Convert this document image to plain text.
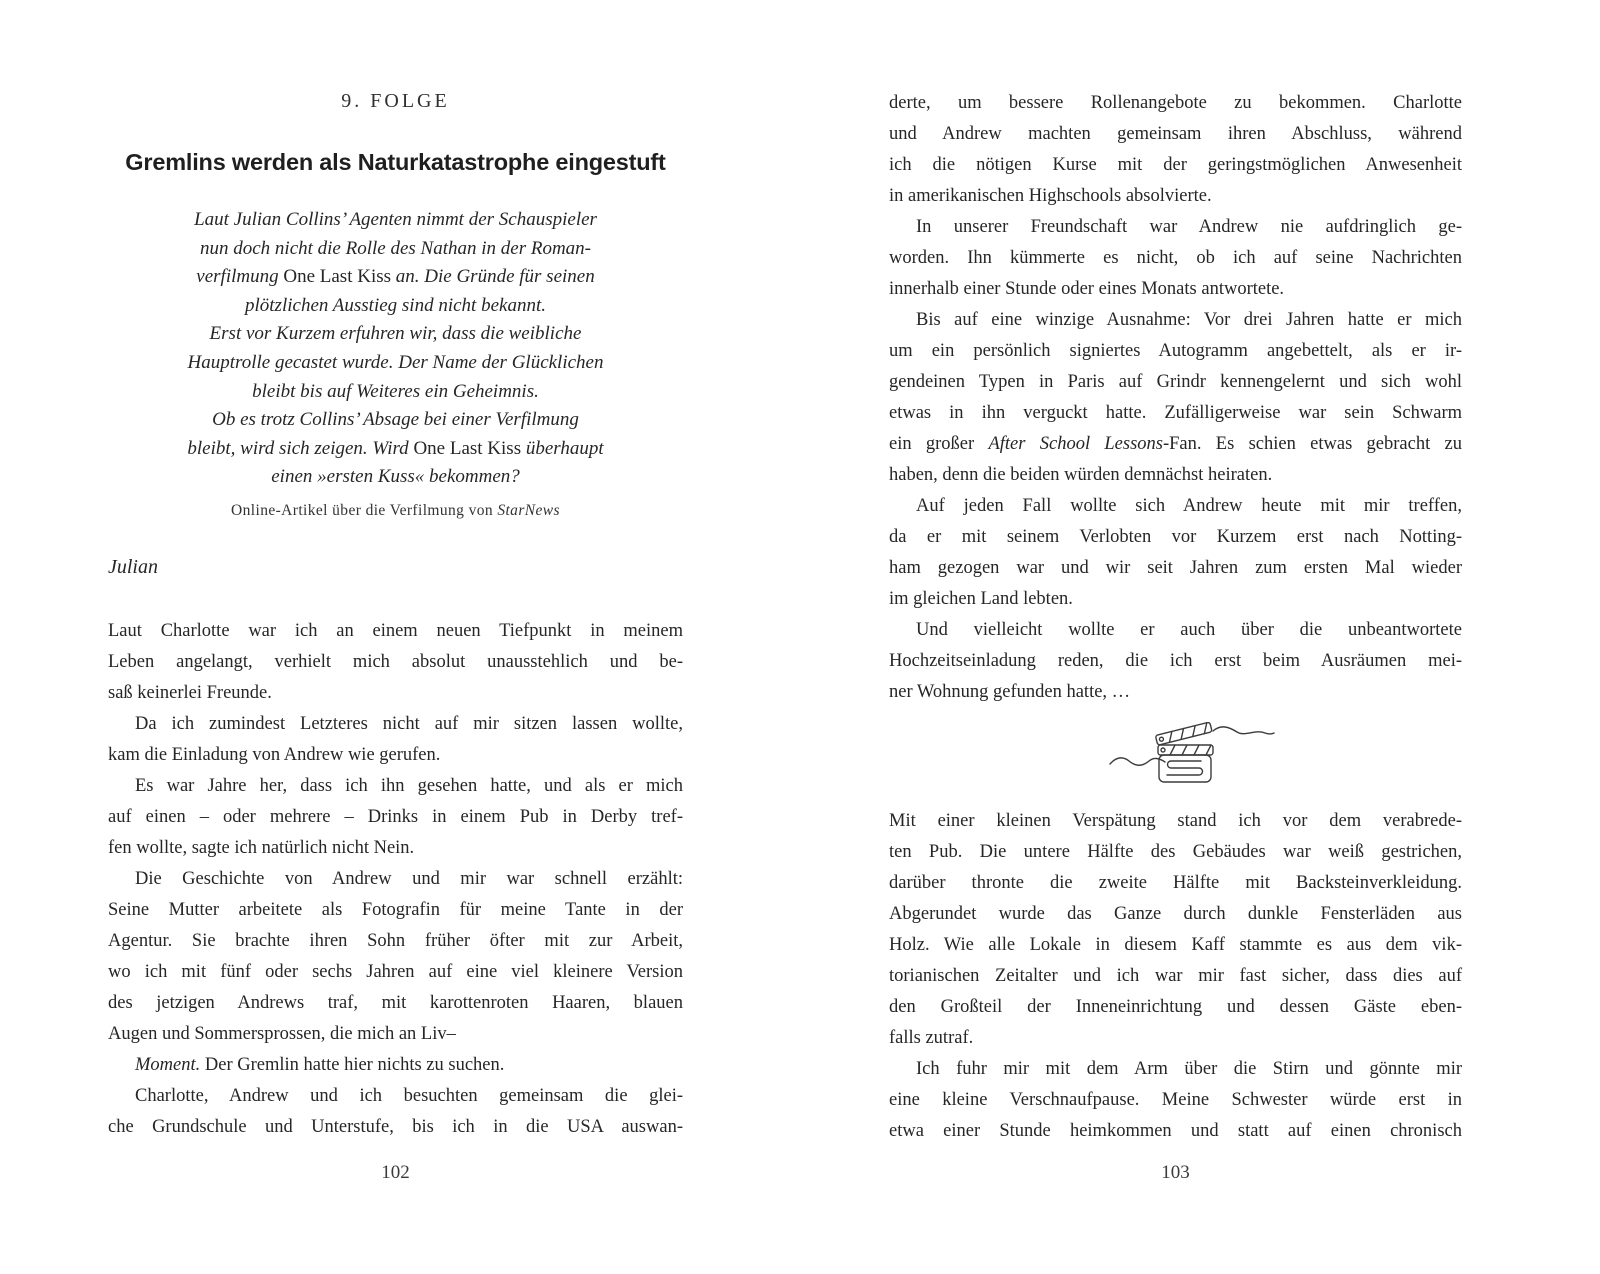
9. FOLGE
Gremlins werden als Naturkatastrophe eingestuft
Laut Julian Collins’ Agenten nimmt der Schauspieler
nun doch nicht die Rolle des Nathan in der Roman-
verfilmung One Last Kiss an. Die Gründe für seinen
plötzlichen Ausstieg sind nicht bekannt.
Erst vor Kurzem erfuhren wir, dass die weibliche
Hauptrolle gecastet wurde. Der Name der Glücklichen
bleibt bis auf Weiteres ein Geheimnis.
Ob es trotz Collins’ Absage bei einer Verfilmung
bleibt, wird sich zeigen. Wird One Last Kiss überhaupt
einen »ersten Kuss« bekommen?
Online-Artikel über die Verfilmung von StarNews
Julian
Laut Charlotte war ich an einem neuen Tiefpunkt in meinem
Leben angelangt, verhielt mich absolut unausstehlich und be-
saß keinerlei Freunde.
Da ich zumindest Letzteres nicht auf mir sitzen lassen wollte,
kam die Einladung von Andrew wie gerufen.
Es war Jahre her, dass ich ihn gesehen hatte, und als er mich
auf einen – oder mehrere – Drinks in einem Pub in Derby tref-
fen wollte, sagte ich natürlich nicht Nein.
Die Geschichte von Andrew und mir war schnell erzählt:
Seine Mutter arbeitete als Fotografin für meine Tante in der
Agentur. Sie brachte ihren Sohn früher öfter mit zur Arbeit,
wo ich mit fünf oder sechs Jahren auf eine viel kleinere Version
des jetzigen Andrews traf, mit karottenroten Haaren, blauen
Augen und Sommersprossen, die mich an Liv–
Moment. Der Gremlin hatte hier nichts zu suchen.
Charlotte, Andrew und ich besuchten gemeinsam die glei-
che Grundschule und Unterstufe, bis ich in die USA auswan-
derte, um bessere Rollenangebote zu bekommen. Charlotte
und Andrew machten gemeinsam ihren Abschluss, während
ich die nötigen Kurse mit der geringstmöglichen Anwesenheit
in amerikanischen Highschools absolvierte.
In unserer Freundschaft war Andrew nie aufdringlich ge-
worden. Ihn kümmerte es nicht, ob ich auf seine Nachrichten
innerhalb einer Stunde oder eines Monats antwortete.
Bis auf eine winzige Ausnahme: Vor drei Jahren hatte er mich
um ein persönlich signiertes Autogramm angebettelt, als er ir-
gendeinen Typen in Paris auf Grindr kennengelernt und sich wohl
etwas in ihn verguckt hatte. Zufälligerweise war sein Schwarm
ein großer After School Lessons-Fan. Es schien etwas gebracht zu
haben, denn die beiden würden demnächst heiraten.
Auf jeden Fall wollte sich Andrew heute mit mir treffen,
da er mit seinem Verlobten vor Kurzem erst nach Notting-
ham gezogen war und wir seit Jahren zum ersten Mal wieder
im gleichen Land lebten.
Und vielleicht wollte er auch über die unbeantwortete
Hochzeitseinladung reden, die ich erst beim Ausräumen mei-
ner Wohnung gefunden hatte, …
Mit einer kleinen Verspätung stand ich vor dem verabrede-
ten Pub. Die untere Hälfte des Gebäudes war weiß gestrichen,
darüber thronte die zweite Hälfte mit Backsteinverkleidung.
Abgerundet wurde das Ganze durch dunkle Fensterläden aus
Holz. Wie alle Lokale in diesem Kaff stammte es aus dem vik-
torianischen Zeitalter und ich war mir fast sicher, dass dies auf
den Großteil der Inneneinrichtung und dessen Gäste eben-
falls zutraf.
Ich fuhr mir mit dem Arm über die Stirn und gönnte mir
eine kleine Verschnaufpause. Meine Schwester würde erst in
etwa einer Stunde heimkommen und statt auf einen chronisch
102	103
